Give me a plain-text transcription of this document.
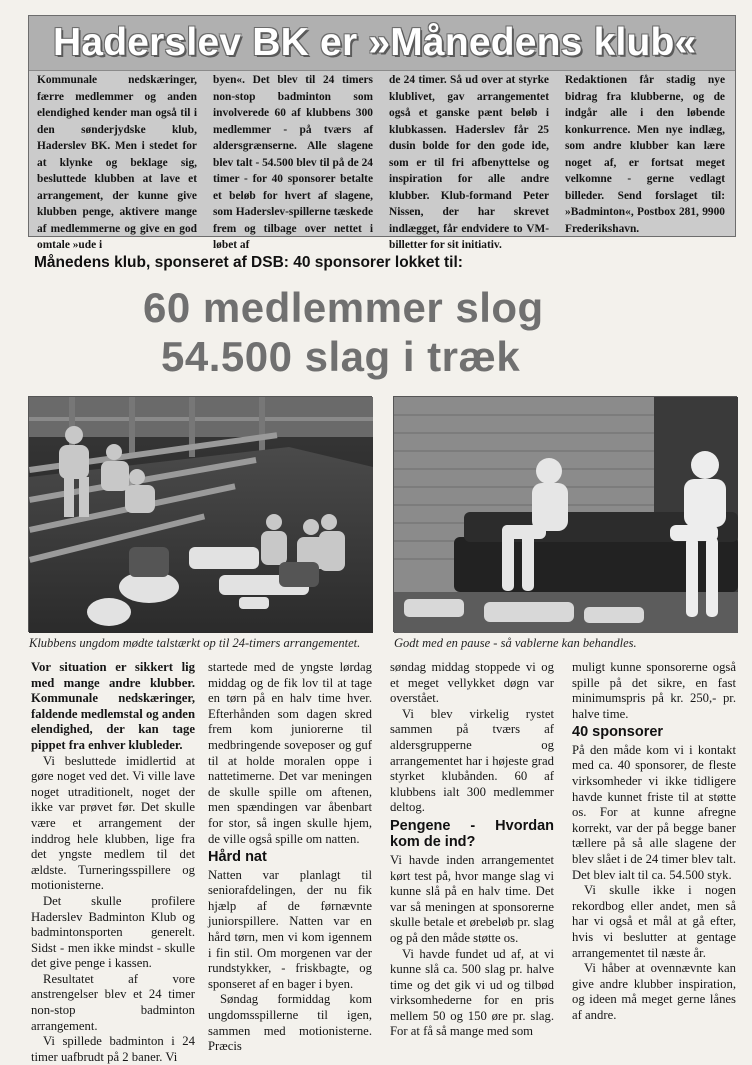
Haderslev BK er »Månedens klub«
Kommunale nedskæringer, færre medlemmer og anden elendighed kender man også til i den sønderjydske klub, Haderslev BK. Men i stedet for at klynke og beklage sig, besluttede klubben at lave et arrangement, der kunne give klubben penge, aktivere mange af medlemmerne og give en god omtale »ude i
byen«. Det blev til 24 timers non-stop badminton som involverede 60 af klubbens 300 medlemmer - på tværs af aldersgrænserne. Alle slagene blev talt - 54.500 blev til på de 24 timer - for 40 sponsorer betalte et beløb for hvert af slagene, som Haderslev-spillerne tæskede frem og tilbage over nettet i løbet af
de 24 timer. Så ud over at styrke klublivet, gav arrangementet også et ganske pænt beløb i klubkassen. Haderslev får 25 dusin bolde for den gode ide, som er til fri afbenyttelse og inspiration for alle andre klubber. Klub-formand Peter Nissen, der har skrevet indlægget, får endvidere to VM-billetter for sit initiativ.
Redaktionen får stadig nye bidrag fra klubberne, og de indgår alle i den løbende konkurrence. Men nye indlæg, som andre klubber kan lære noget af, er fortsat meget velkomne - gerne vedlagt billeder. Send forslaget til: »Badminton«, Postbox 281, 9900 Frederikshavn.
Månedens klub, sponseret af DSB: 40 sponsorer lokket til:
60 medlemmer slog
54.500 slag i træk
Klubbens ungdom mødte talstærkt op til 24-timers arrangementet.	Godt med en pause - så vablerne kan behandles.

Vor situation er sikkert lig med mange andre klubber. Kommunale nedskæringer, faldende medlemstal og anden elendighed, der kan tage pippet fra enhver klubleder.

Vi besluttede imidlertid at gøre noget ved det. Vi ville lave noget utraditionelt, noget der ikke var prøvet før. Det skulle være et arrangement der inddrog hele klubben, lige fra det yngste medlem til det ældste. Turneringsspillere og motionisterne.

Det skulle profilere Haderslev Badminton Klub og badmintonsporten generelt. Sidst - men ikke mindst - skulle det give penge i kassen.

Resultatet af vore anstrengelser blev et 24 timer non-stop badminton arrangement.

Vi spillede badminton i 24 timer uafbrudt på 2 baner. Vi

startede med de yngste lørdag middag og de fik lov til at tage en tørn på en halv time hver. Efterhånden som dagen skred frem kom juniorerne til medbringende soveposer og guf til at holde moralen oppe i nattetimerne. Det var meningen de skulle spille om aftenen, men spændingen var åbenbart for stor, så ingen skulle hjem, de ville også spille om natten.

Hård nat

Natten var planlagt til seniorafdelingen, der nu fik hjælp af de førnævnte juniorspillere. Natten var en hård tørn, men vi kom igennem i fin stil. Om morgenen var der rundstykker, - friskbagte, og sponseret af en bager i byen.

Søndag formiddag kom ungdomsspillerne til igen, sammen med motionisterne. Præcis

søndag middag stoppede vi og et meget vellykket døgn var overstået.

Vi blev virkelig rystet sammen på tværs af aldersgrupperne og arrangementet har i højeste grad styrket klubånden. 60 af klubbens ialt 300 medlemmer deltog.

Pengene - Hvordan kom de ind?

Vi havde inden arrangementet kørt test på, hvor mange slag vi kunne slå på en halv time. Det var så meningen at sponsorerne skulle betale et ørebeløb pr. slag og på den måde støtte os.

Vi havde fundet ud af, at vi kunne slå ca. 500 slag pr. halve time og det gik vi ud og tilbød virksomhederne for en pris mellem 50 og 150 øre pr. slag. For at få så mange med som

muligt kunne sponsorerne også spille på det sikre, en fast minimumspris på kr. 250,- pr. halve time.

40 sponsorer

På den måde kom vi i kontakt med ca. 40 sponsorer, de fleste virksomheder vi ikke tidligere havde kunnet friste til at støtte os. For at kunne afregne korrekt, var der på begge baner tællere på så alle slagene der blev slået i de 24 timer blev talt. Det blev ialt til ca. 54.500 styk.

Vi skulle ikke i nogen rekordbog eller andet, men så har vi også et mål at gå efter, hvis vi beslutter at gentage arrangementet til næste år.

Vi håber at ovennævnte kan give andre klubber inspiration, og ideen må meget gerne lånes af andre.
